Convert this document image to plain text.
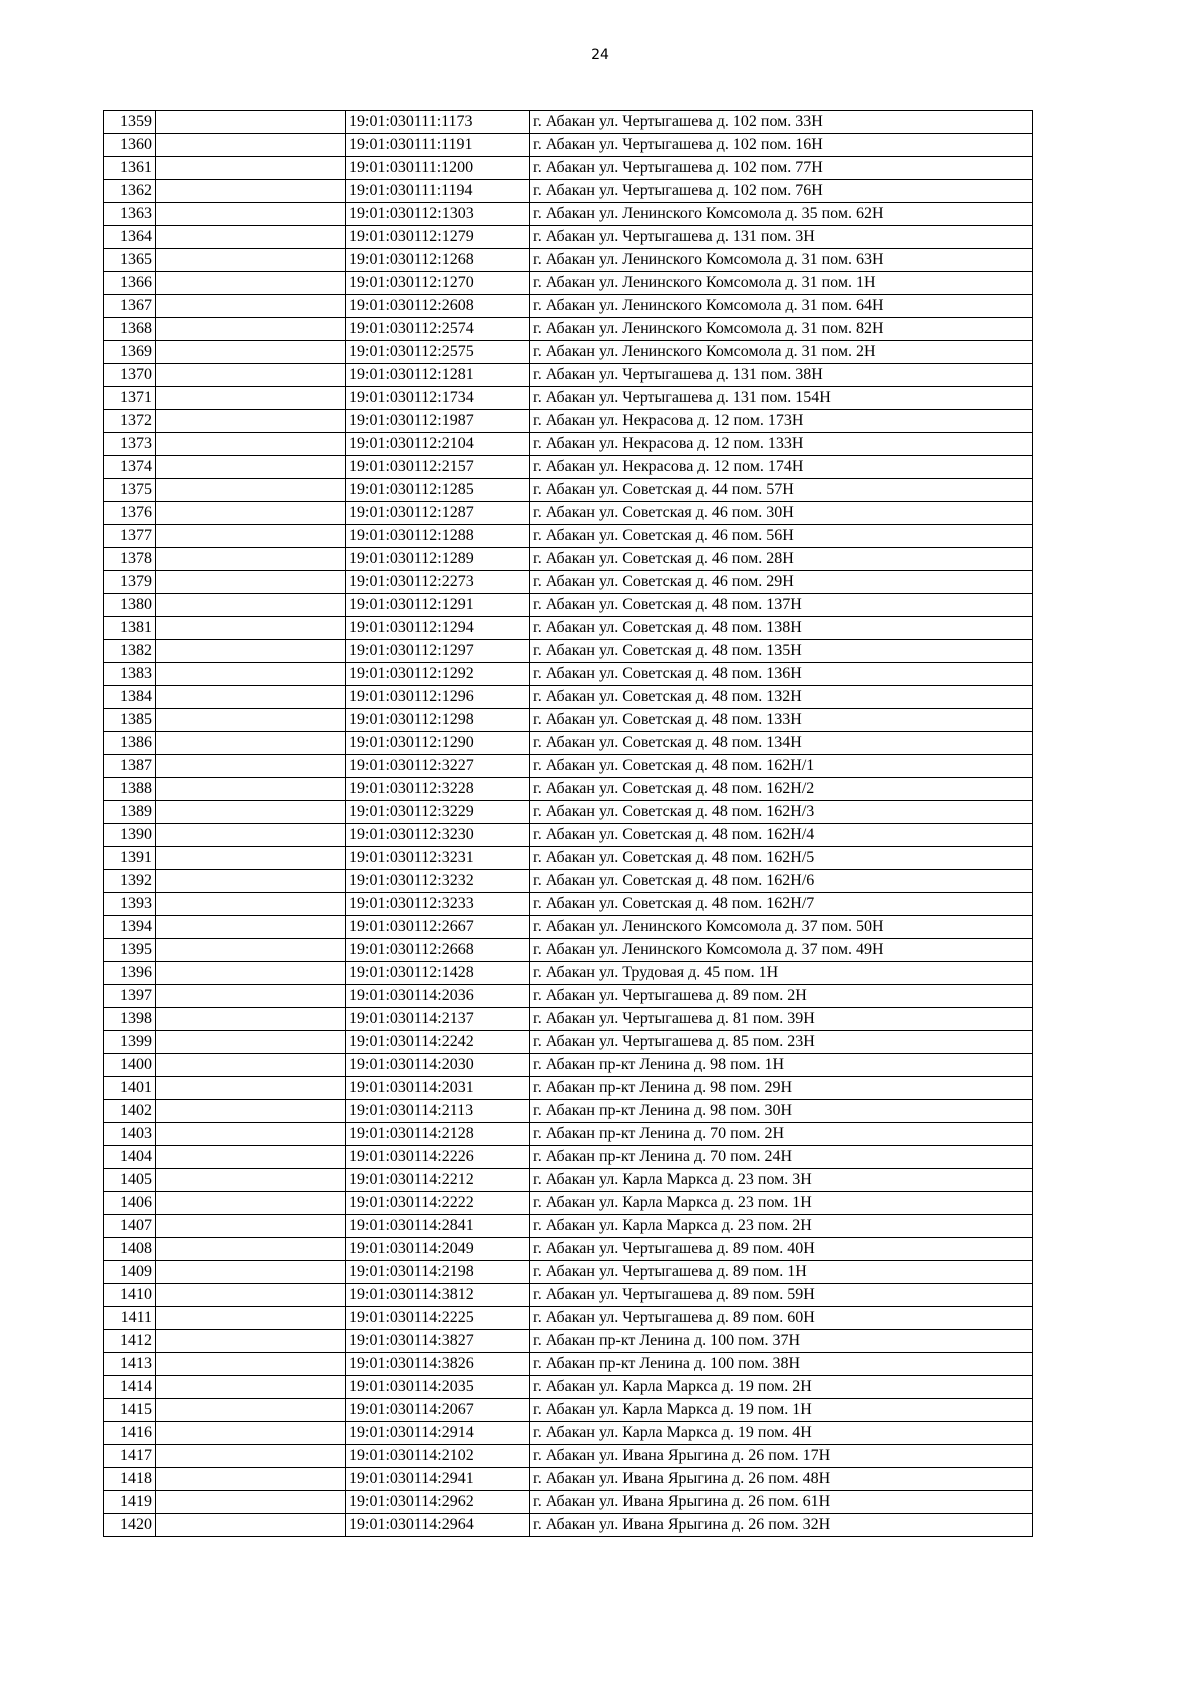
24
1359		19:01:030111:1173	г. Абакан ул. Чертыгашева д. 102 пом. 33Н
1360		19:01:030111:1191	г. Абакан ул. Чертыгашева д. 102 пом. 16Н
1361		19:01:030111:1200	г. Абакан ул. Чертыгашева д. 102 пом. 77Н
1362		19:01:030111:1194	г. Абакан ул. Чертыгашева д. 102 пом. 76Н
1363		19:01:030112:1303	г. Абакан ул. Ленинского Комсомола д. 35 пом. 62Н
1364		19:01:030112:1279	г. Абакан ул. Чертыгашева д. 131 пом. 3Н
1365		19:01:030112:1268	г. Абакан ул. Ленинского Комсомола д. 31 пом. 63Н
1366		19:01:030112:1270	г. Абакан ул. Ленинского Комсомола д. 31 пом. 1Н
1367		19:01:030112:2608	г. Абакан ул. Ленинского Комсомола д. 31 пом. 64Н
1368		19:01:030112:2574	г. Абакан ул. Ленинского Комсомола д. 31 пом. 82Н
1369		19:01:030112:2575	г. Абакан ул. Ленинского Комсомола д. 31 пом. 2Н
1370		19:01:030112:1281	г. Абакан ул. Чертыгашева д. 131 пом. 38Н
1371		19:01:030112:1734	г. Абакан ул. Чертыгашева д. 131 пом. 154Н
1372		19:01:030112:1987	г. Абакан ул. Некрасова д. 12 пом. 173Н
1373		19:01:030112:2104	г. Абакан ул. Некрасова д. 12 пом. 133Н
1374		19:01:030112:2157	г. Абакан ул. Некрасова д. 12 пом. 174Н
1375		19:01:030112:1285	г. Абакан ул. Советская д. 44 пом. 57Н
1376		19:01:030112:1287	г. Абакан ул. Советская д. 46 пом. 30Н
1377		19:01:030112:1288	г. Абакан ул. Советская д. 46 пом. 56Н
1378		19:01:030112:1289	г. Абакан ул. Советская д. 46 пом. 28Н
1379		19:01:030112:2273	г. Абакан ул. Советская д. 46 пом. 29Н
1380		19:01:030112:1291	г. Абакан ул. Советская д. 48 пом. 137Н
1381		19:01:030112:1294	г. Абакан ул. Советская д. 48 пом. 138Н
1382		19:01:030112:1297	г. Абакан ул. Советская д. 48 пом. 135Н
1383		19:01:030112:1292	г. Абакан ул. Советская д. 48 пом. 136Н
1384		19:01:030112:1296	г. Абакан ул. Советская д. 48 пом. 132Н
1385		19:01:030112:1298	г. Абакан ул. Советская д. 48 пом. 133Н
1386		19:01:030112:1290	г. Абакан ул. Советская д. 48 пом. 134Н
1387		19:01:030112:3227	г. Абакан ул. Советская д. 48 пом. 162Н/1
1388		19:01:030112:3228	г. Абакан ул. Советская д. 48 пом. 162Н/2
1389		19:01:030112:3229	г. Абакан ул. Советская д. 48 пом. 162Н/3
1390		19:01:030112:3230	г. Абакан ул. Советская д. 48 пом. 162Н/4
1391		19:01:030112:3231	г. Абакан ул. Советская д. 48 пом. 162Н/5
1392		19:01:030112:3232	г. Абакан ул. Советская д. 48 пом. 162Н/6
1393		19:01:030112:3233	г. Абакан ул. Советская д. 48 пом. 162Н/7
1394		19:01:030112:2667	г. Абакан ул. Ленинского Комсомола д. 37 пом. 50Н
1395		19:01:030112:2668	г. Абакан ул. Ленинского Комсомола д. 37 пом. 49Н
1396		19:01:030112:1428	г. Абакан ул. Трудовая д. 45 пом. 1Н
1397		19:01:030114:2036	г. Абакан ул. Чертыгашева д. 89 пом. 2Н
1398		19:01:030114:2137	г. Абакан ул. Чертыгашева д. 81 пом. 39Н
1399		19:01:030114:2242	г. Абакан ул. Чертыгашева д. 85 пом. 23Н
1400		19:01:030114:2030	г. Абакан пр-кт Ленина д. 98 пом. 1Н
1401		19:01:030114:2031	г. Абакан пр-кт Ленина д. 98 пом. 29Н
1402		19:01:030114:2113	г. Абакан пр-кт Ленина д. 98 пом. 30Н
1403		19:01:030114:2128	г. Абакан пр-кт Ленина д. 70 пом. 2Н
1404		19:01:030114:2226	г. Абакан пр-кт Ленина д. 70 пом. 24Н
1405		19:01:030114:2212	г. Абакан ул. Карла Маркса д. 23 пом. 3Н
1406		19:01:030114:2222	г. Абакан ул. Карла Маркса д. 23 пом. 1Н
1407		19:01:030114:2841	г. Абакан ул. Карла Маркса д. 23 пом. 2Н
1408		19:01:030114:2049	г. Абакан ул. Чертыгашева д. 89 пом. 40Н
1409		19:01:030114:2198	г. Абакан ул. Чертыгашева д. 89 пом. 1Н
1410		19:01:030114:3812	г. Абакан ул. Чертыгашева д. 89 пом. 59Н
1411		19:01:030114:2225	г. Абакан ул. Чертыгашева д. 89 пом. 60Н
1412		19:01:030114:3827	г. Абакан пр-кт Ленина д. 100 пом. 37Н
1413		19:01:030114:3826	г. Абакан пр-кт Ленина д. 100 пом. 38Н
1414		19:01:030114:2035	г. Абакан ул. Карла Маркса д. 19 пом. 2Н
1415		19:01:030114:2067	г. Абакан ул. Карла Маркса д. 19 пом. 1Н
1416		19:01:030114:2914	г. Абакан ул. Карла Маркса д. 19 пом. 4Н
1417		19:01:030114:2102	г. Абакан ул. Ивана Ярыгина д. 26 пом. 17Н
1418		19:01:030114:2941	г. Абакан ул. Ивана Ярыгина д. 26 пом. 48Н
1419		19:01:030114:2962	г. Абакан ул. Ивана Ярыгина д. 26 пом. 61Н
1420		19:01:030114:2964	г. Абакан ул. Ивана Ярыгина д. 26 пом. 32Н
